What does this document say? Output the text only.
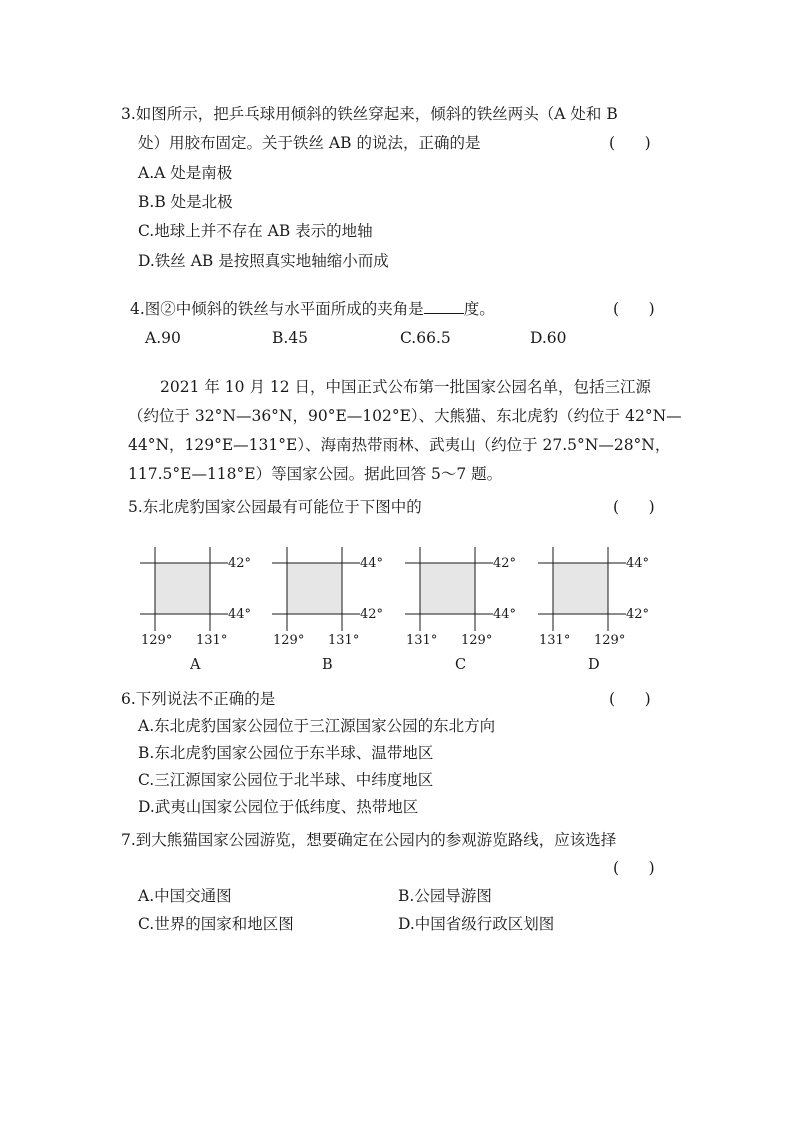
3.如图所示，把乒乓球用倾斜的铁丝穿起来，倾斜的铁丝两头（A 处和 B
处）用胶布固定。关于铁丝 AB 的说法，正确的是	(      )
A.A 处是南极
B.B 处是北极
C.地球上并不存在 AB 表示的地轴
D.铁丝 AB 是按照真实地轴缩小而成
4.图②中倾斜的铁丝与水平面所成的夹角是	度。	(      )
A.90	B.45	C.66.5	D.60
2021 年 10 月 12 日，中国正式公布第一批国家公园名单，包括三江源
（约位于 32°N—36°N，90°E—102°E）、大熊猫、东北虎豹（约位于 42°N—
44°N，129°E—131°E）、海南热带雨林、武夷山（约位于 27.5°N—28°N，
117.5°E—118°E）等国家公园。据此回答 5～7 题。
5.东北虎豹国家公园最有可能位于下图中的	(      )
42°
44°
129° 131°
A
44°
42°
129° 131°
B
42°
44°
131° 129°
C
44°
42°
131° 129°
D
6.下列说法不正确的是	(      )
A.东北虎豹国家公园位于三江源国家公园的东北方向
B.东北虎豹国家公园位于东半球、温带地区
C.三江源国家公园位于北半球、中纬度地区
D.武夷山国家公园位于低纬度、热带地区
7.到大熊猫国家公园游览，想要确定在公园内的参观游览路线，应该选择
(      )
A.中国交通图	B.公园导游图
C.世界的国家和地区图	D.中国省级行政区划图
